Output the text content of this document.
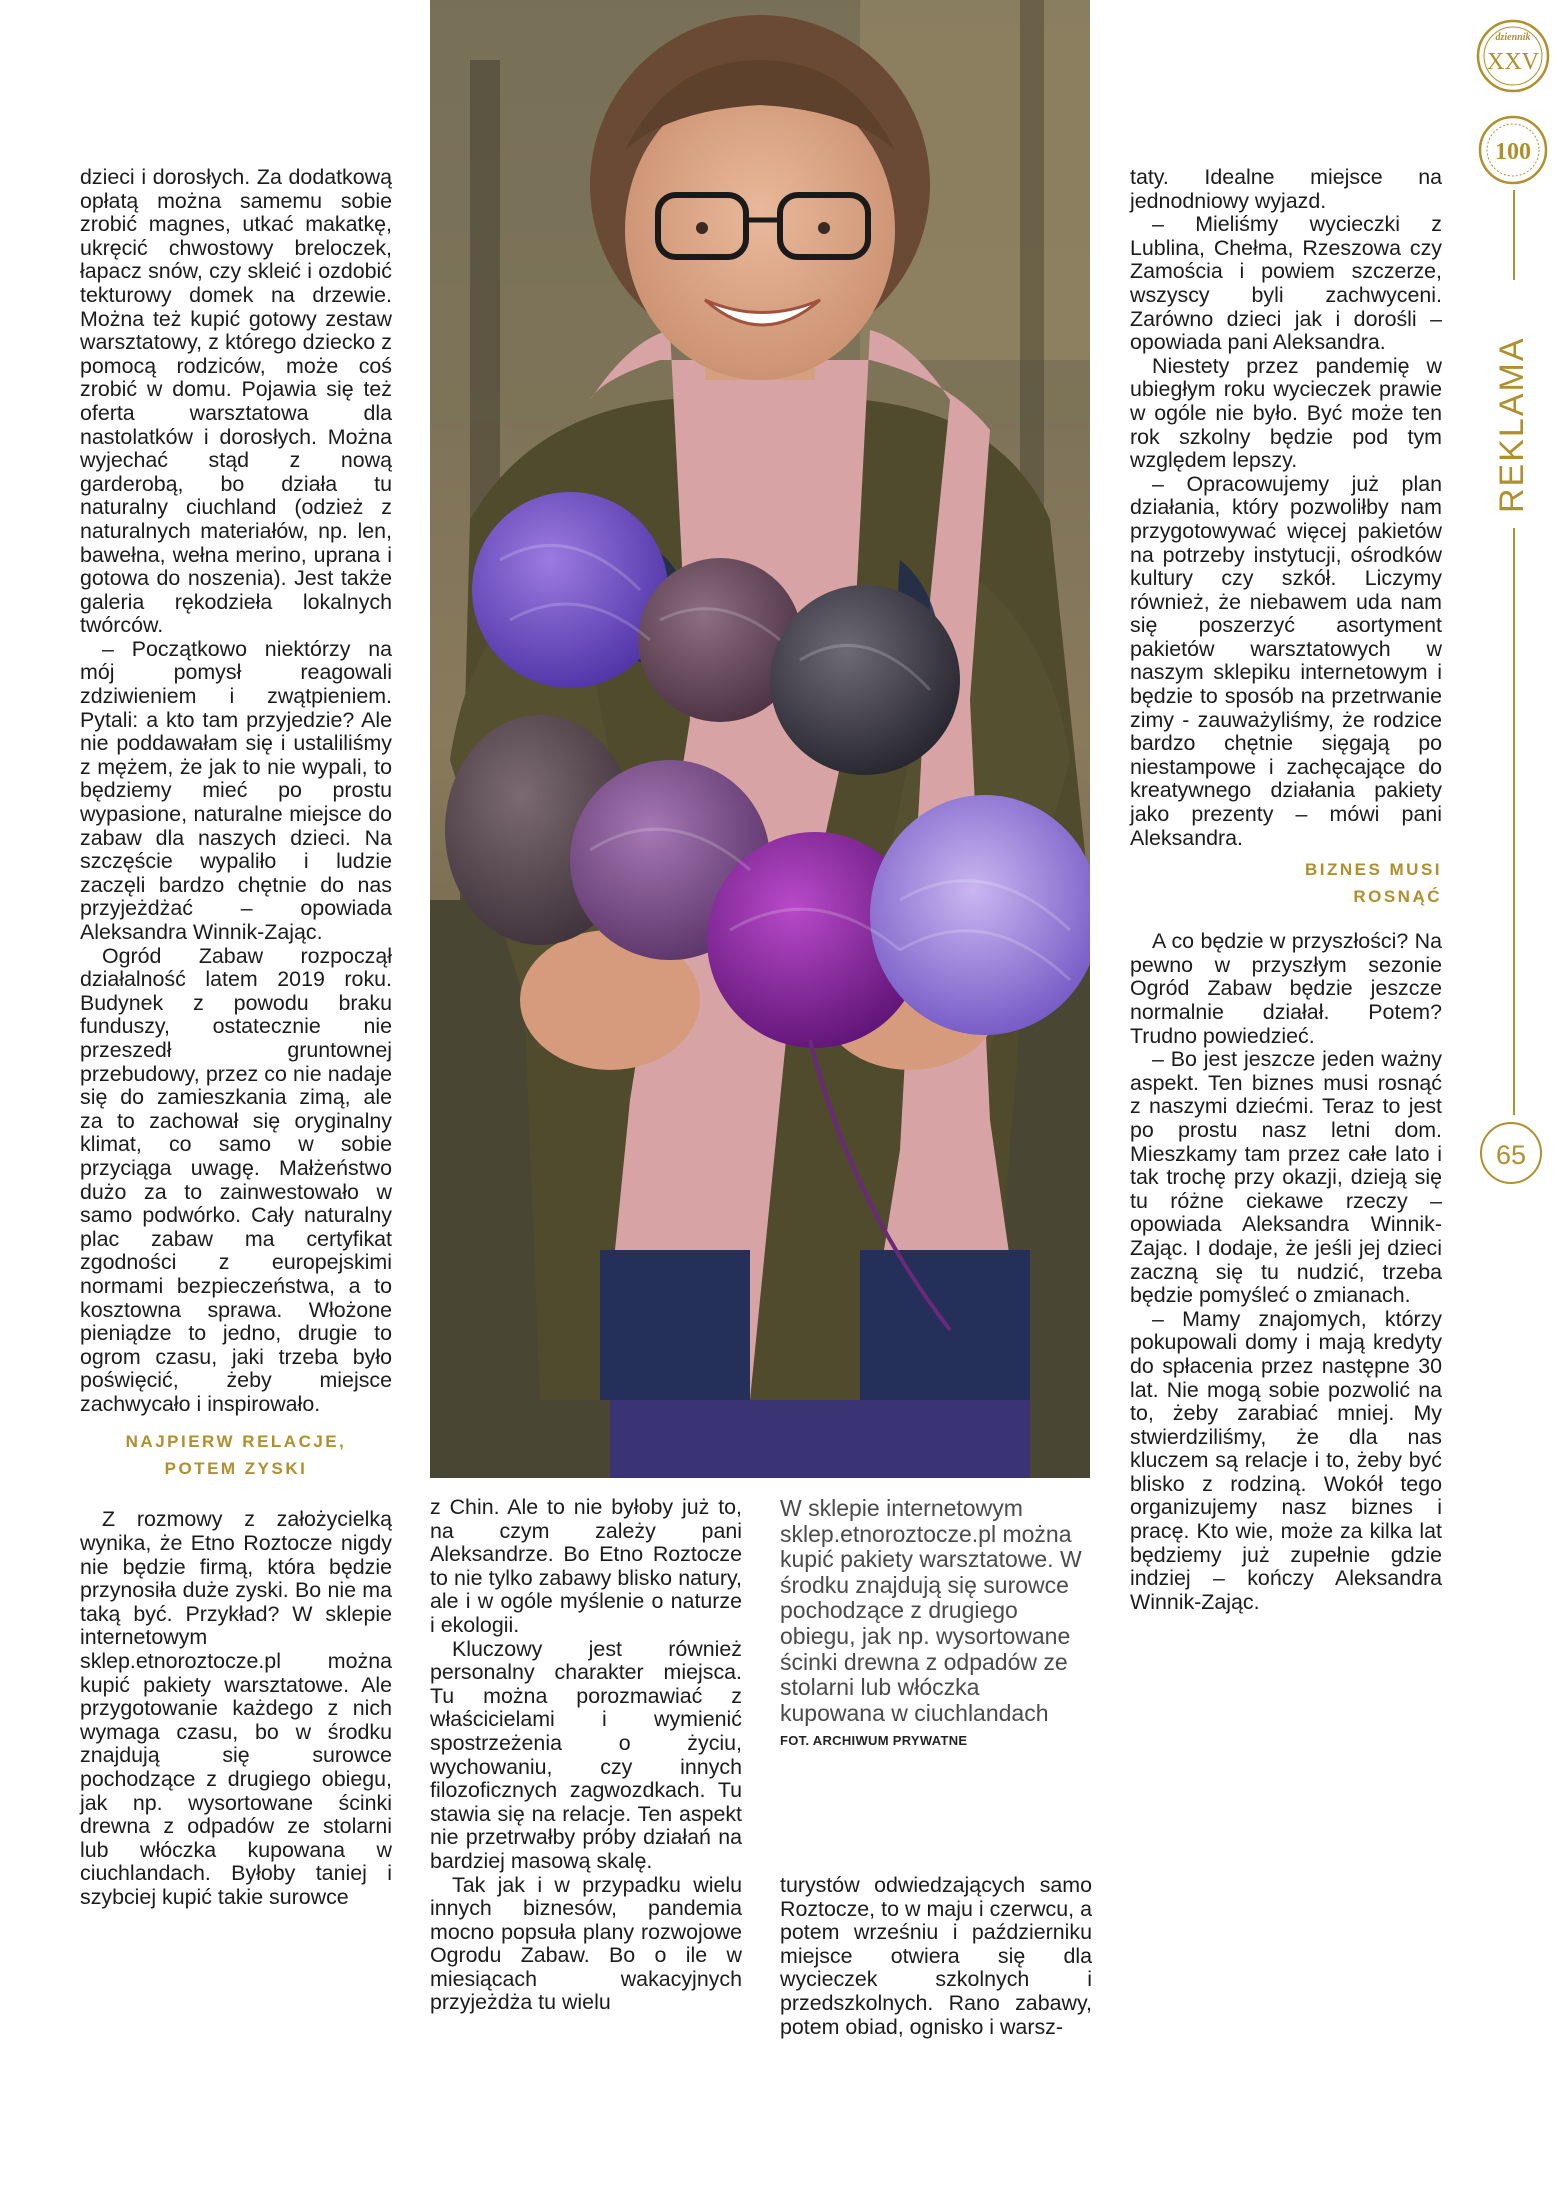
dzieci i dorosłych. Za dodatkową opłatą można samemu sobie zrobić magnes, utkać makatkę, ukręcić chwostowy breloczek, łapacz snów, czy skleić i ozdobić tekturowy domek na drzewie. Można też kupić gotowy zestaw warsztatowy, z którego dziecko z pomocą rodziców, może coś zrobić w domu. Pojawia się też oferta warsztatowa dla nastolatków i dorosłych. Można wyjechać stąd z nową garderobą, bo działa tu naturalny ciuchland (odzież z naturalnych materiałów, np. len, bawełna, wełna merino, uprana i gotowa do noszenia). Jest także galeria rękodzieła lokalnych twórców.

– Początkowo niektórzy na mój pomysł reagowali zdziwieniem i zwątpieniem. Pytali: a kto tam przyjedzie? Ale nie poddawałam się i ustaliliśmy z mężem, że jak to nie wypali, to będziemy mieć po prostu wypasione, naturalne miejsce do zabaw dla naszych dzieci. Na szczęście wypaliło i ludzie zaczęli bardzo chętnie do nas przyjeżdżać – opowiada Aleksandra Winnik-Zając.

Ogród Zabaw rozpoczął działalność latem 2019 roku. Budynek z powodu braku funduszy, ostatecznie nie przeszedł gruntownej przebudowy, przez co nie nadaje się do zamieszkania zimą, ale za to zachował się oryginalny klimat, co samo w sobie przyciąga uwagę. Małżeństwo dużo za to zainwestowało w samo podwórko. Cały naturalny plac zabaw ma certyfikat zgodności z europejskimi normami bezpieczeństwa, a to kosztowna sprawa. Włożone pieniądze to jedno, drugie to ogrom czasu, jaki trzeba było poświęcić, żeby miejsce zachwycało i inspirowało.

NAJPIERW RELACJE,
POTEM ZYSKI

Z rozmowy z założycielką wynika, że Etno Roztocze nigdy nie będzie firmą, która będzie przynosiła duże zyski. Bo nie ma taką być. Przykład? W sklepie internetowym sklep.etnoroztocze.pl można kupić pakiety warsztatowe. Ale przygotowanie każdego z nich wymaga czasu, bo w środku znajdują się surowce pochodzące z drugiego obiegu, jak np. wysortowane ścinki drewna z odpadów ze stolarni lub włóczka kupowana w ciuchlandach. Byłoby taniej i szybciej kupić takie surowce

z Chin. Ale to nie byłoby już to, na czym zależy pani Aleksandrze. Bo Etno Roztocze to nie tylko zabawy blisko natury, ale i w ogóle myślenie o naturze i ekologii.

Kluczowy jest również personalny charakter miejsca. Tu można porozmawiać z właścicielami i wymienić spostrzeżenia o życiu, wychowaniu, czy innych filozoficznych zagwozdkach. Tu stawia się na relacje. Ten aspekt nie przetrwałby próby działań na bardziej masową skalę.

Tak jak i w przypadku wielu innych biznesów, pandemia mocno popsuła plany rozwojowe Ogrodu Zabaw. Bo o ile w miesiącach wakacyjnych przyjeżdża tu wielu

W sklepie internetowym sklep.etnoroztocze.pl można kupić pakiety warsztatowe. W środku znajdują się surowce pochodzące z drugiego obiegu, jak np. wysortowane ścinki drewna z odpadów ze stolarni lub włóczka kupowana w ciuchlandach
FOT. ARCHIWUM PRYWATNE

turystów odwiedzających samo Roztocze, to w maju i czerwcu, a potem wrześniu i październiku miejsce otwiera się dla wycieczek szkolnych i przedszkolnych. Rano zabawy, potem obiad, ognisko i warsz-

taty. Idealne miejsce na jednodniowy wyjazd.

– Mieliśmy wycieczki z Lublina, Chełma, Rzeszowa czy Zamościa i powiem szczerze, wszyscy byli zachwyceni. Zarówno dzieci jak i dorośli – opowiada pani Aleksandra.

Niestety przez pandemię w ubiegłym roku wycieczek prawie w ogóle nie było. Być może ten rok szkolny będzie pod tym względem lepszy.

– Opracowujemy już plan działania, który pozwoliłby nam przygotowywać więcej pakietów na potrzeby instytucji, ośrodków kultury czy szkół. Liczymy również, że niebawem uda nam się poszerzyć asortyment pakietów warsztatowych w naszym sklepiku internetowym i będzie to sposób na przetrwanie zimy - zauważyliśmy, że rodzice bardzo chętnie sięgają po niestampowe i zachęcające do kreatywnego działania pakiety jako prezenty – mówi pani Aleksandra.

BIZNES MUSI
ROSNĄĆ

A co będzie w przyszłości? Na pewno w przyszłym sezonie Ogród Zabaw będzie jeszcze normalnie działał. Potem? Trudno powiedzieć.

– Bo jest jeszcze jeden ważny aspekt. Ten biznes musi rosnąć z naszymi dziećmi. Teraz to jest po prostu nasz letni dom. Mieszkamy tam przez całe lato i tak trochę przy okazji, dzieją się tu różne ciekawe rzeczy – opowiada Aleksandra Winnik-Zając. I dodaje, że jeśli jej dzieci zaczną się tu nudzić, trzeba będzie pomyśleć o zmianach.

– Mamy znajomych, którzy pokupowali domy i mają kredyty do spłacenia przez następne 30 lat. Nie mogą sobie pozwolić na to, żeby zarabiać mniej. My stwierdziliśmy, że dla nas kluczem są relacje i to, żeby być blisko z rodziną. Wokół tego organizujemy nasz biznes i pracę. Kto wie, może za kilka lat będziemy już zupełnie gdzie indziej – kończy Aleksandra Winnik-Zając.

dziennik
XXV
100
REKLAMA
65
